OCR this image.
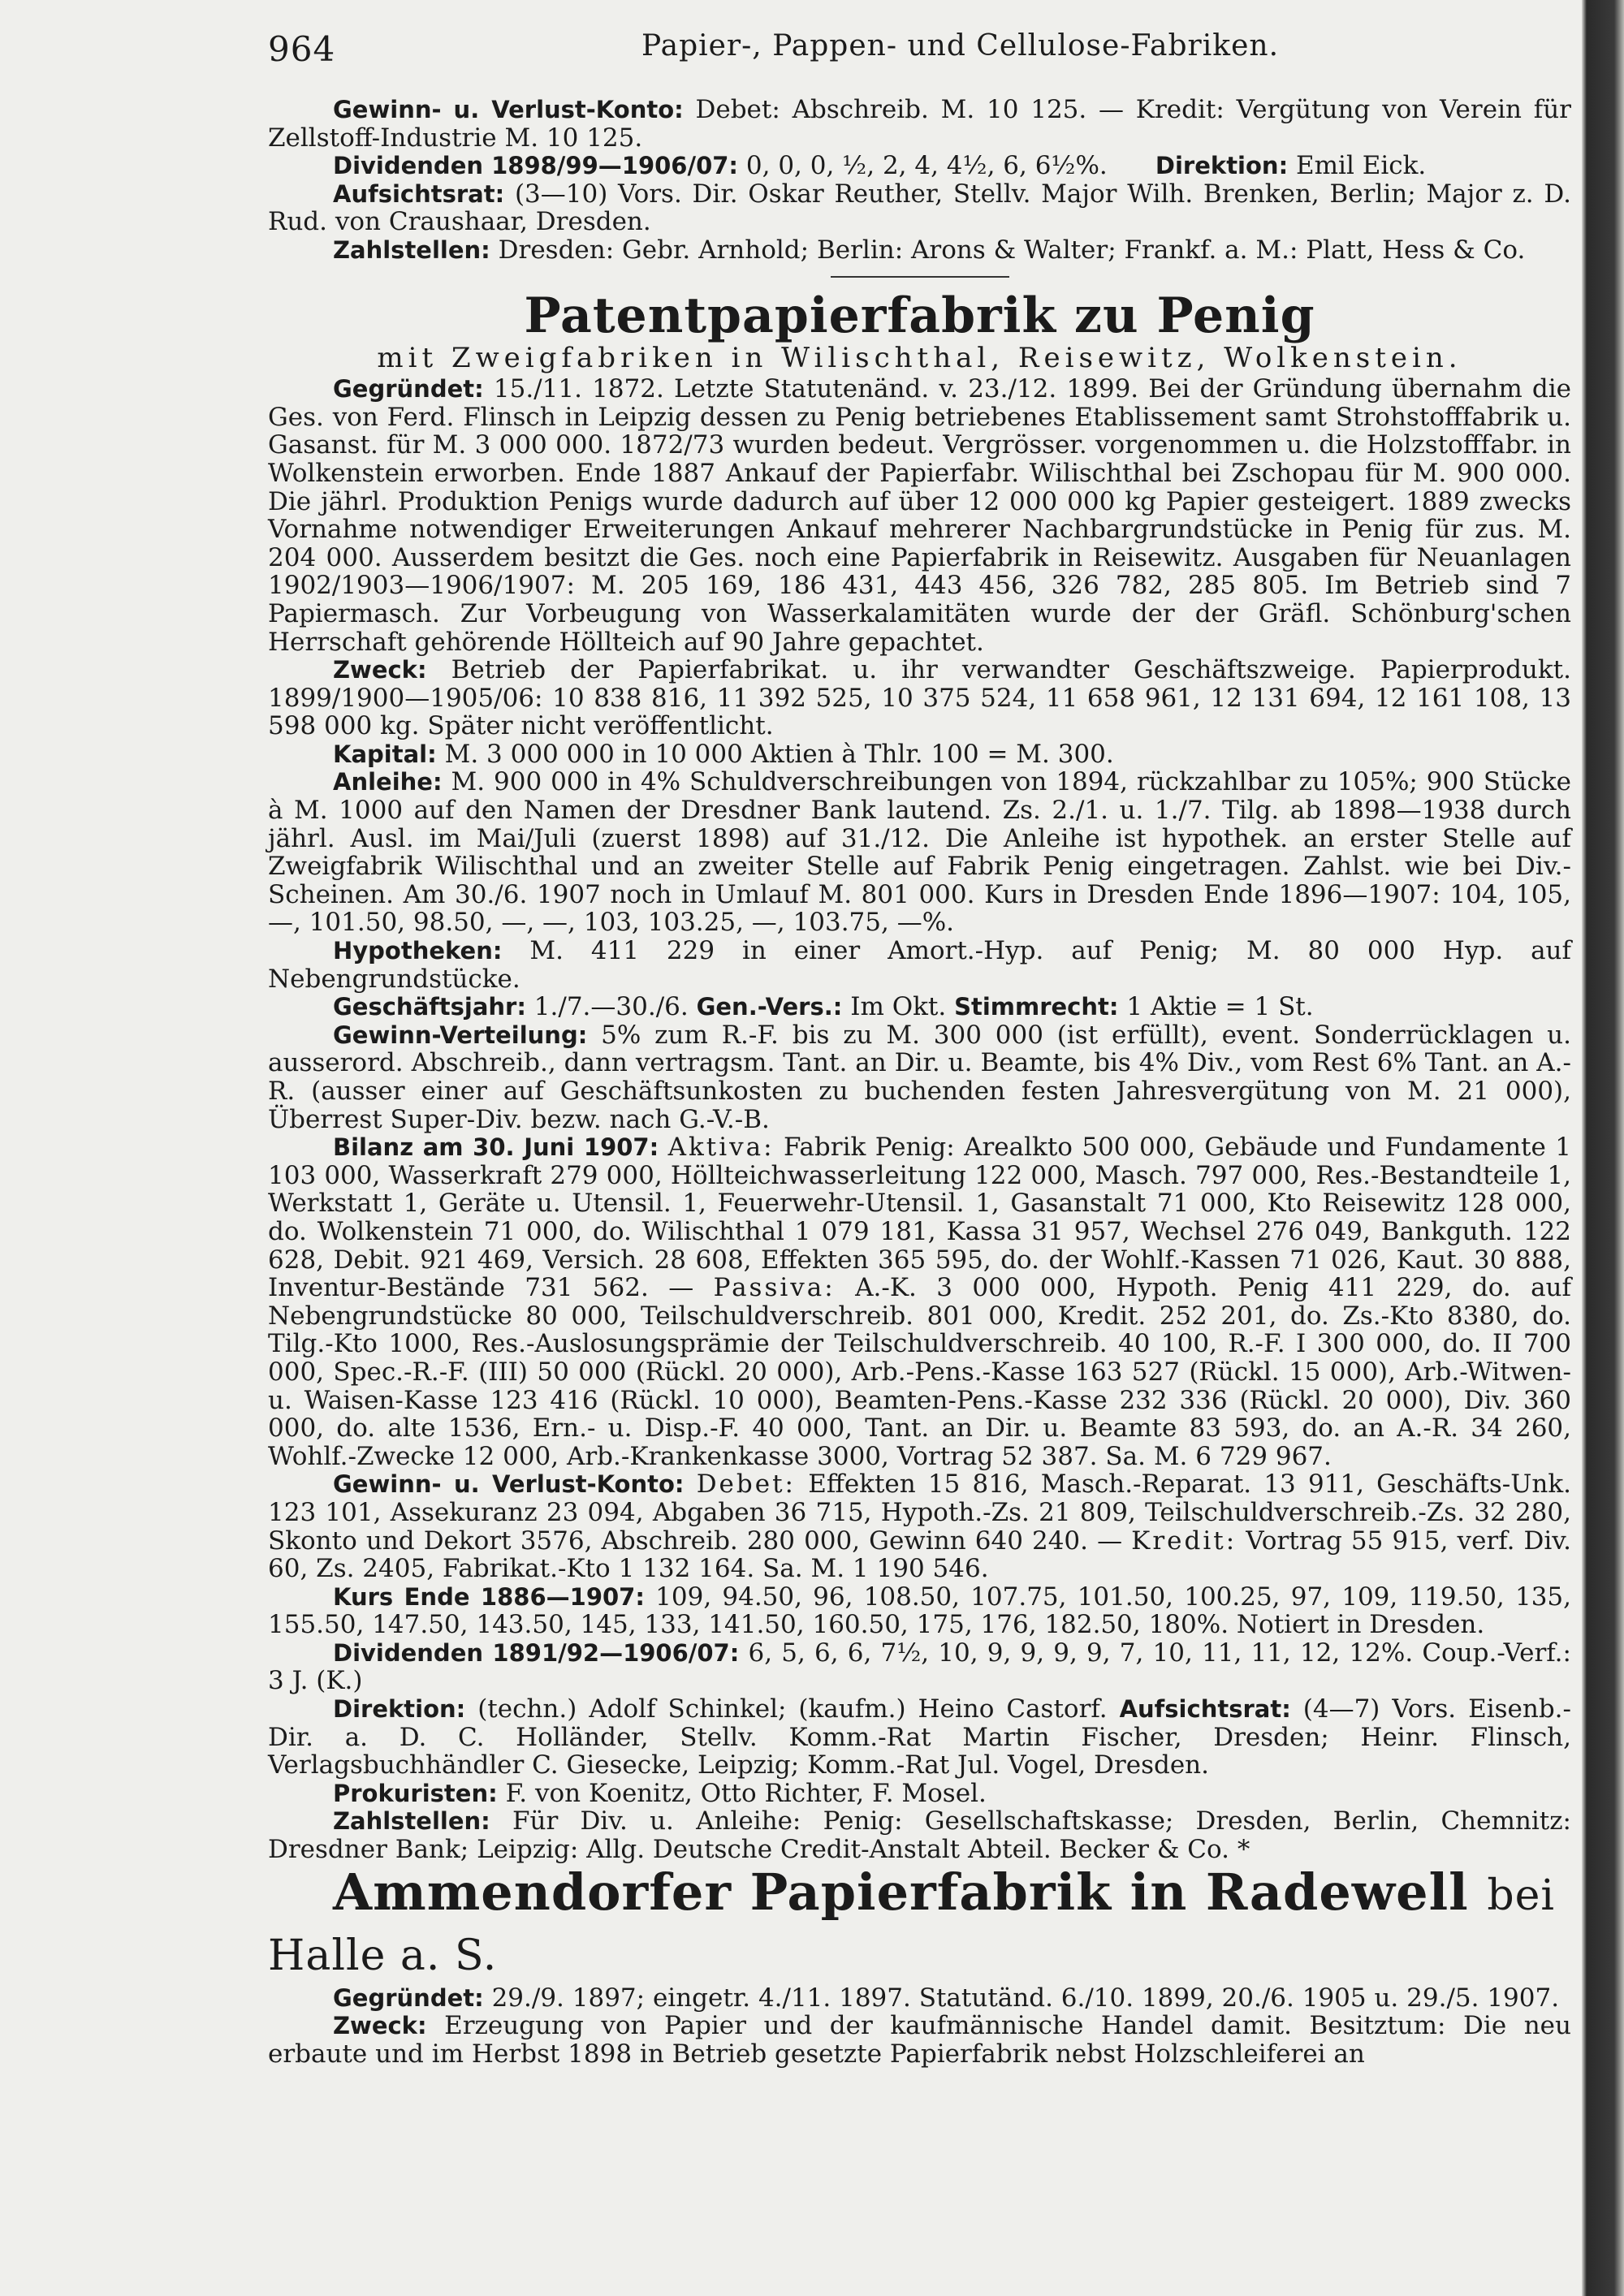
964	Papier-, Pappen- und Cellulose-Fabriken.

Gewinn- u. Verlust-Konto: Debet: Abschreib. M. 10 125. — Kredit: Vergütung von Verein für Zellstoff-Industrie M. 10 125.

Dividenden 1898/99—1906/07: 0, 0, 0, ½, 2, 4, 4½, 6, 6½%. Direktion: Emil Eick.

Aufsichtsrat: (3—10) Vors. Dir. Oskar Reuther, Stellv. Major Wilh. Brenken, Berlin; Major z. D. Rud. von Craushaar, Dresden.

Zahlstellen: Dresden: Gebr. Arnhold; Berlin: Arons & Walter; Frankf. a. M.: Platt, Hess & Co.

Patentpapierfabrik zu Penig
mit Zweigfabriken in Wilischthal, Reisewitz, Wolkenstein.

Gegründet: 15./11. 1872. Letzte Statutenänd. v. 23./12. 1899. Bei der Gründung übernahm die Ges. von Ferd. Flinsch in Leipzig dessen zu Penig betriebenes Etablissement samt Strohstofffabrik u. Gasanst. für M. 3 000 000. 1872/73 wurden bedeut. Vergrösser. vorgenommen u. die Holzstofffabr. in Wolkenstein erworben. Ende 1887 Ankauf der Papierfabr. Wilischthal bei Zschopau für M. 900 000. Die jährl. Produktion Penigs wurde dadurch auf über 12 000 000 kg Papier gesteigert. 1889 zwecks Vornahme notwendiger Erweiterungen Ankauf mehrerer Nachbargrundstücke in Penig für zus. M. 204 000. Ausserdem besitzt die Ges. noch eine Papierfabrik in Reisewitz. Ausgaben für Neuanlagen 1902/1903—1906/1907: M. 205 169, 186 431, 443 456, 326 782, 285 805. Im Betrieb sind 7 Papiermasch. Zur Vorbeugung von Wasserkalamitäten wurde der der Gräfl. Schönburg'schen Herrschaft gehörende Höllteich auf 90 Jahre gepachtet.

Zweck: Betrieb der Papierfabrikat. u. ihr verwandter Geschäftszweige. Papierprodukt. 1899/1900—1905/06: 10 838 816, 11 392 525, 10 375 524, 11 658 961, 12 131 694, 12 161 108, 13 598 000 kg. Später nicht veröffentlicht.

Kapital: M. 3 000 000 in 10 000 Aktien à Thlr. 100 = M. 300.

Anleihe: M. 900 000 in 4% Schuldverschreibungen von 1894, rückzahlbar zu 105%; 900 Stücke à M. 1000 auf den Namen der Dresdner Bank lautend. Zs. 2./1. u. 1./7. Tilg. ab 1898—1938 durch jährl. Ausl. im Mai/Juli (zuerst 1898) auf 31./12. Die Anleihe ist hypothek. an erster Stelle auf Zweigfabrik Wilischthal und an zweiter Stelle auf Fabrik Penig eingetragen. Zahlst. wie bei Div.-Scheinen. Am 30./6. 1907 noch in Umlauf M. 801 000. Kurs in Dresden Ende 1896—1907: 104, 105, —, 101.50, 98.50, —, —, 103, 103.25, —, 103.75, —%.

Hypotheken: M. 411 229 in einer Amort.-Hyp. auf Penig; M. 80 000 Hyp. auf Nebengrundstücke.

Geschäftsjahr: 1./7.—30./6. Gen.-Vers.: Im Okt. Stimmrecht: 1 Aktie = 1 St.

Gewinn-Verteilung: 5% zum R.-F. bis zu M. 300 000 (ist erfüllt), event. Sonderrücklagen u. ausserord. Abschreib., dann vertragsm. Tant. an Dir. u. Beamte, bis 4% Div., vom Rest 6% Tant. an A.-R. (ausser einer auf Geschäftsunkosten zu buchenden festen Jahresvergütung von M. 21 000), Überrest Super-Div. bezw. nach G.-V.-B.

Bilanz am 30. Juni 1907: Aktiva: Fabrik Penig: Arealkto 500 000, Gebäude und Fundamente 1 103 000, Wasserkraft 279 000, Höllteichwasserleitung 122 000, Masch. 797 000, Res.-Bestandteile 1, Werkstatt 1, Geräte u. Utensil. 1, Feuerwehr-Utensil. 1, Gasanstalt 71 000, Kto Reisewitz 128 000, do. Wolkenstein 71 000, do. Wilischthal 1 079 181, Kassa 31 957, Wechsel 276 049, Bankguth. 122 628, Debit. 921 469, Versich. 28 608, Effekten 365 595, do. der Wohlf.-Kassen 71 026, Kaut. 30 888, Inventur-Bestände 731 562. — Passiva: A.-K. 3 000 000, Hypoth. Penig 411 229, do. auf Nebengrundstücke 80 000, Teilschuldverschreib. 801 000, Kredit. 252 201, do. Zs.-Kto 8380, do. Tilg.-Kto 1000, Res.-Auslosungsprämie der Teilschuldverschreib. 40 100, R.-F. I 300 000, do. II 700 000, Spec.-R.-F. (III) 50 000 (Rückl. 20 000), Arb.-Pens.-Kasse 163 527 (Rückl. 15 000), Arb.-Witwen- u. Waisen-Kasse 123 416 (Rückl. 10 000), Beamten-Pens.-Kasse 232 336 (Rückl. 20 000), Div. 360 000, do. alte 1536, Ern.- u. Disp.-F. 40 000, Tant. an Dir. u. Beamte 83 593, do. an A.-R. 34 260, Wohlf.-Zwecke 12 000, Arb.-Krankenkasse 3000, Vortrag 52 387. Sa. M. 6 729 967.

Gewinn- u. Verlust-Konto: Debet: Effekten 15 816, Masch.-Reparat. 13 911, Geschäfts-Unk. 123 101, Assekuranz 23 094, Abgaben 36 715, Hypoth.-Zs. 21 809, Teilschuldverschreib.-Zs. 32 280, Skonto und Dekort 3576, Abschreib. 280 000, Gewinn 640 240. — Kredit: Vortrag 55 915, verf. Div. 60, Zs. 2405, Fabrikat.-Kto 1 132 164. Sa. M. 1 190 546.

Kurs Ende 1886—1907: 109, 94.50, 96, 108.50, 107.75, 101.50, 100.25, 97, 109, 119.50, 135, 155.50, 147.50, 143.50, 145, 133, 141.50, 160.50, 175, 176, 182.50, 180%. Notiert in Dresden.

Dividenden 1891/92—1906/07: 6, 5, 6, 6, 7½, 10, 9, 9, 9, 9, 7, 10, 11, 11, 12, 12%. Coup.-Verf.: 3 J. (K.)

Direktion: (techn.) Adolf Schinkel; (kaufm.) Heino Castorf. Aufsichtsrat: (4—7) Vors. Eisenb.-Dir. a. D. C. Holländer, Stellv. Komm.-Rat Martin Fischer, Dresden; Heinr. Flinsch, Verlagsbuchhändler C. Giesecke, Leipzig; Komm.-Rat Jul. Vogel, Dresden.

Prokuristen: F. von Koenitz, Otto Richter, F. Mosel.

Zahlstellen: Für Div. u. Anleihe: Penig: Gesellschaftskasse; Dresden, Berlin, Chemnitz: Dresdner Bank; Leipzig: Allg. Deutsche Credit-Anstalt Abteil. Becker & Co. *

Ammendorfer Papierfabrik in Radewell bei Halle a. S.

Gegründet: 29./9. 1897; eingetr. 4./11. 1897. Statutänd. 6./10. 1899, 20./6. 1905 u. 29./5. 1907.

Zweck: Erzeugung von Papier und der kaufmännische Handel damit. Besitztum: Die neu erbaute und im Herbst 1898 in Betrieb gesetzte Papierfabrik nebst Holzschleiferei an
